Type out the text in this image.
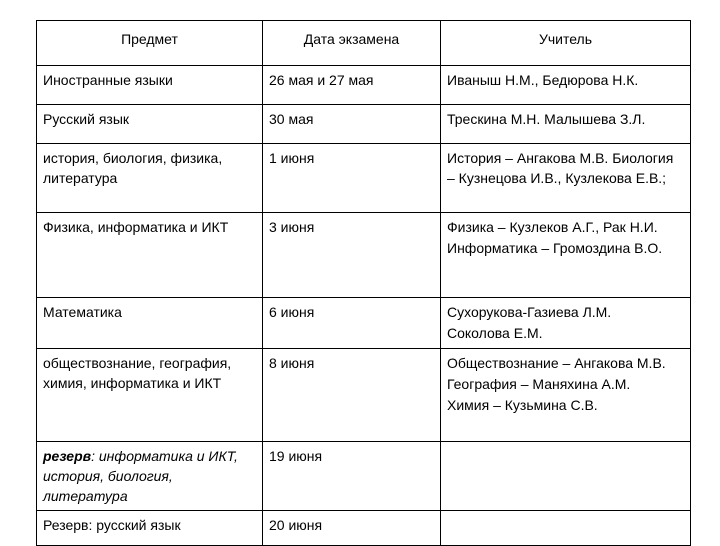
Предмет	Дата экзамена	Учитель
Иностранные языки	26 мая и 27 мая	Иваныш Н.М., Бедюрова Н.К.

Русский язык	30 мая	Трескина М.Н. Малышева З.Л.

история, биология, физика, литература	1 июня	История – Ангакова М.В. Биология – Кузнецова И.В., Кузлекова Е.В.;

Физика, информатика и ИКТ	3 июня	Физика – Кузлеков А.Г., Рак Н.И.
Информатика – Громоздина В.О.

Математика	6 июня	Сухорукова-Газиева Л.М.
Соколова Е.М.

обществознание, география, химия, информатика и ИКТ	8 июня	Обществознание – Ангакова М.В.
География – Маняхина А.М.
Химия – Кузьмина С.В.

резерв: информатика и ИКТ, история, биология, литература	19 июня	
Резерв: русский язык	20 июня	
